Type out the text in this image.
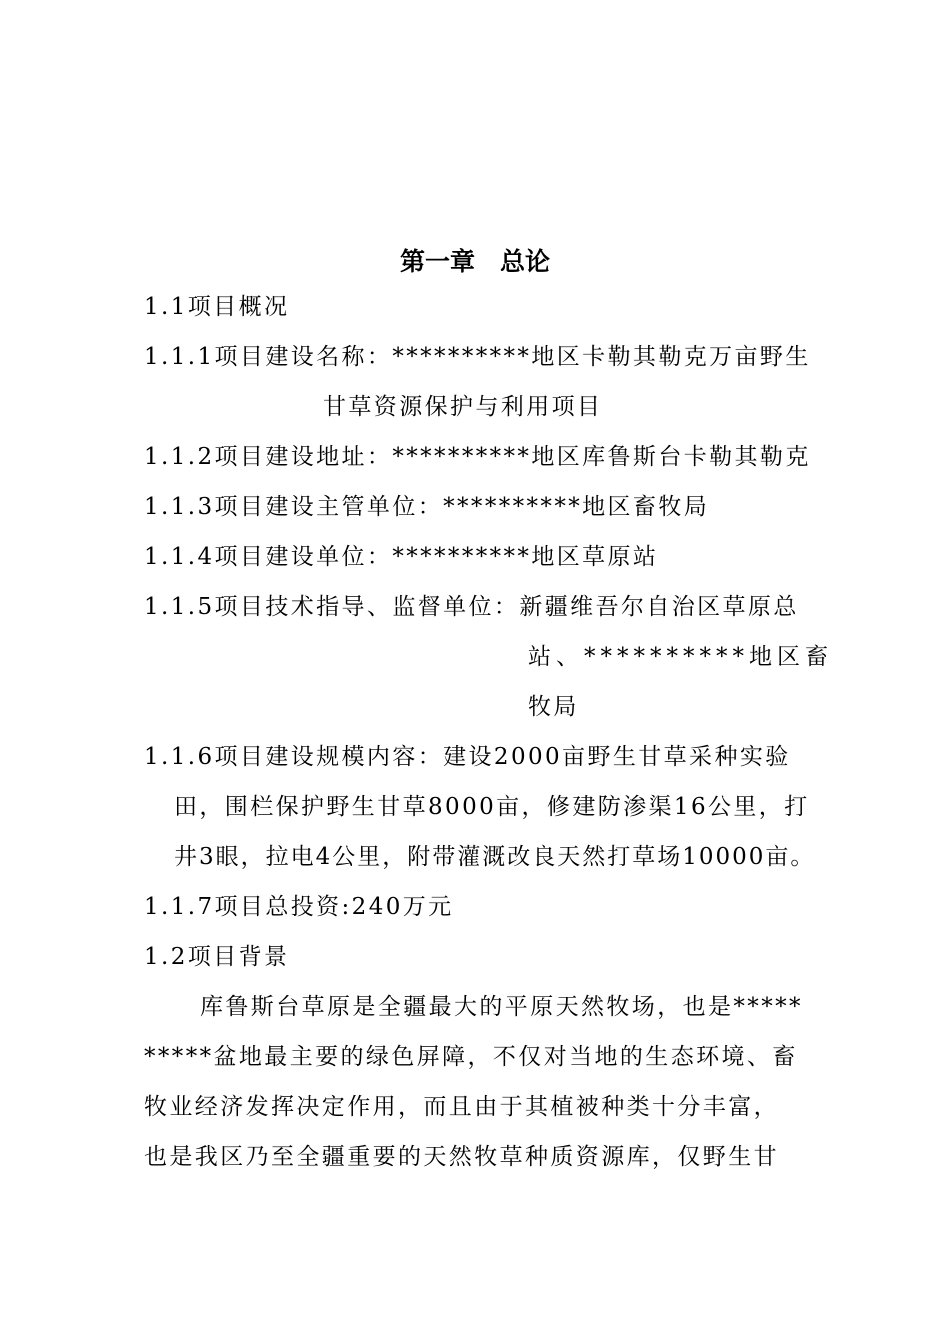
第一章　总论
1.1项目概况
1.1.1项目建设名称：**********地区卡勒其勒克万亩野生
甘草资源保护与利用项目
1.1.2项目建设地址：**********地区库鲁斯台卡勒其勒克
1.1.3项目建设主管单位：**********地区畜牧局
1.1.4项目建设单位：**********地区草原站
1.1.5项目技术指导、监督单位：新疆维吾尔自治区草原总
站、**********地区畜
牧局
1.1.6项目建设规模内容：建设2000亩野生甘草采种实验
田，围栏保护野生甘草8000亩，修建防渗渠16公里，打
井3眼，拉电4公里，附带灌溉改良天然打草场10000亩。
1.1.7项目总投资:240万元
1.2项目背景
库鲁斯台草原是全疆最大的平原天然牧场，也是*****
*****盆地最主要的绿色屏障，不仅对当地的生态环境、畜
牧业经济发挥决定作用，而且由于其植被种类十分丰富，
也是我区乃至全疆重要的天然牧草种质资源库，仅野生甘
